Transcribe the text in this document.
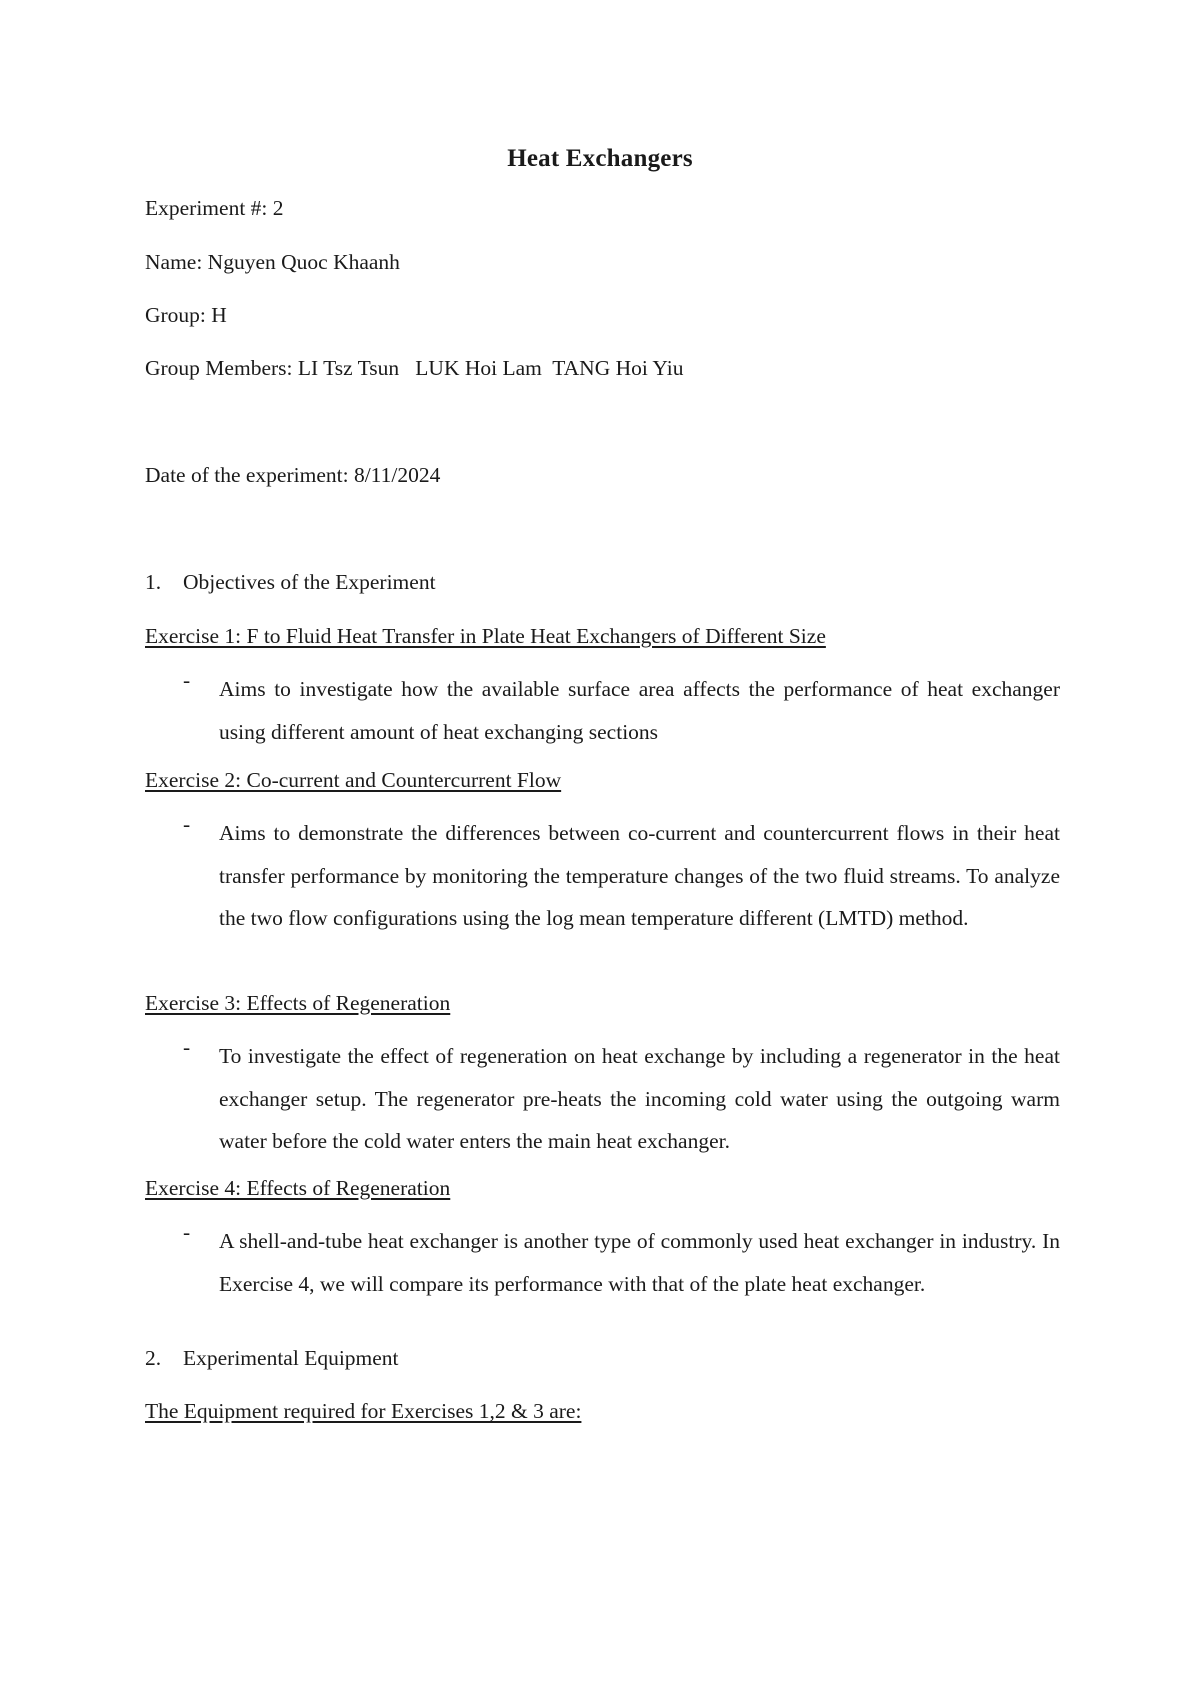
Heat Exchangers
Experiment #: 2
Name: Nguyen Quoc Khaanh
Group: H
Group Members: LI Tsz Tsun   LUK Hoi Lam  TANG Hoi Yiu
Date of the experiment: 8/11/2024
1. Objectives of the Experiment
Exercise 1: F to Fluid Heat Transfer in Plate Heat Exchangers of Different Size
- Aims to investigate how the available surface area affects the performance of heat exchanger using different amount of heat exchanging sections
Exercise 2: Co-current and Countercurrent Flow
- Aims to demonstrate the differences between co-current and countercurrent flows in their heat transfer performance by monitoring the temperature changes of the two fluid streams. To analyze the two flow configurations using the log mean temperature different (LMTD) method.
Exercise 3: Effects of Regeneration
- To investigate the effect of regeneration on heat exchange by including a regenerator in the heat exchanger setup. The regenerator pre-heats the incoming cold water using the outgoing warm water before the cold water enters the main heat exchanger.
Exercise 4: Effects of Regeneration
- A shell-and-tube heat exchanger is another type of commonly used heat exchanger in industry. In Exercise 4, we will compare its performance with that of the plate heat exchanger.
2. Experimental Equipment
The Equipment required for Exercises 1,2 & 3 are:
